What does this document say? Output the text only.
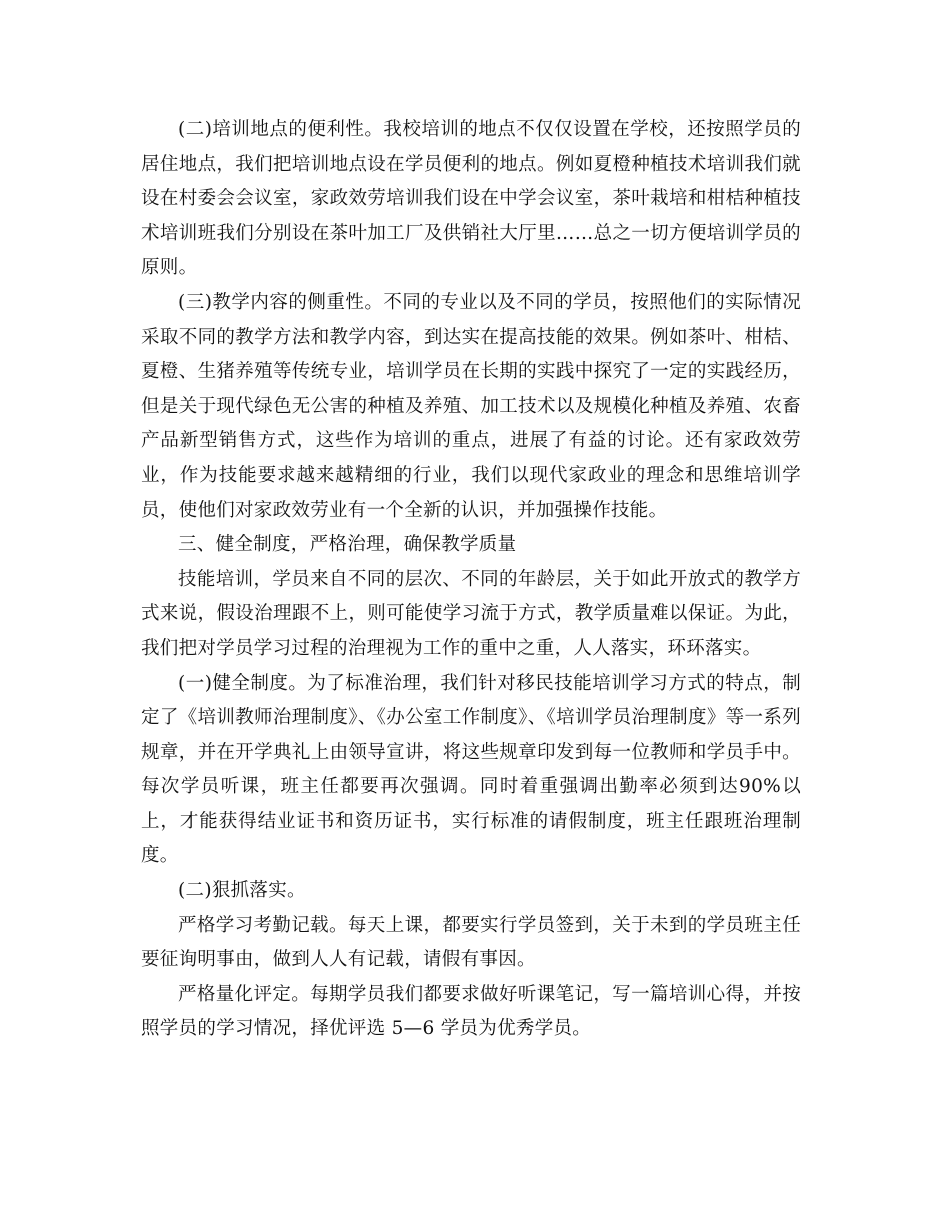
(二)培训地点的便利性。我校培训的地点不仅仅设置在学校，还按照学员的居住地点，我们把培训地点设在学员便利的地点。例如夏橙种植技术培训我们就设在村委会会议室，家政效劳培训我们设在中学会议室，茶叶栽培和柑桔种植技术培训班我们分别设在茶叶加工厂及供销社大厅里……总之一切方便培训学员的原则。

(三)教学内容的侧重性。不同的专业以及不同的学员，按照他们的实际情况采取不同的教学方法和教学内容，到达实在提高技能的效果。例如茶叶、柑桔、夏橙、生猪养殖等传统专业，培训学员在长期的实践中探究了一定的实践经历，但是关于现代绿色无公害的种植及养殖、加工技术以及规模化种植及养殖、农畜产品新型销售方式，这些作为培训的重点，进展了有益的讨论。还有家政效劳业，作为技能要求越来越精细的行业，我们以现代家政业的理念和思维培训学员，使他们对家政效劳业有一个全新的认识，并加强操作技能。

三、健全制度，严格治理，确保教学质量

技能培训，学员来自不同的层次、不同的年龄层，关于如此开放式的教学方式来说，假设治理跟不上，则可能使学习流于方式，教学质量难以保证。为此，我们把对学员学习过程的治理视为工作的重中之重，人人落实，环环落实。

(一)健全制度。为了标准治理，我们针对移民技能培训学习方式的特点，制定了《培训教师治理制度》、《办公室工作制度》、《培训学员治理制度》等一系列规章，并在开学典礼上由领导宣讲，将这些规章印发到每一位教师和学员手中。每次学员听课，班主任都要再次强调。同时着重强调出勤率必须到达90%以上，才能获得结业证书和资历证书，实行标准的请假制度，班主任跟班治理制度。

(二)狠抓落实。

严格学习考勤记载。每天上课，都要实行学员签到，关于未到的学员班主任要征询明事由，做到人人有记载，请假有事因。

严格量化评定。每期学员我们都要求做好听课笔记，写一篇培训心得，并按照学员的学习情况，择优评选 5—6 学员为优秀学员。
